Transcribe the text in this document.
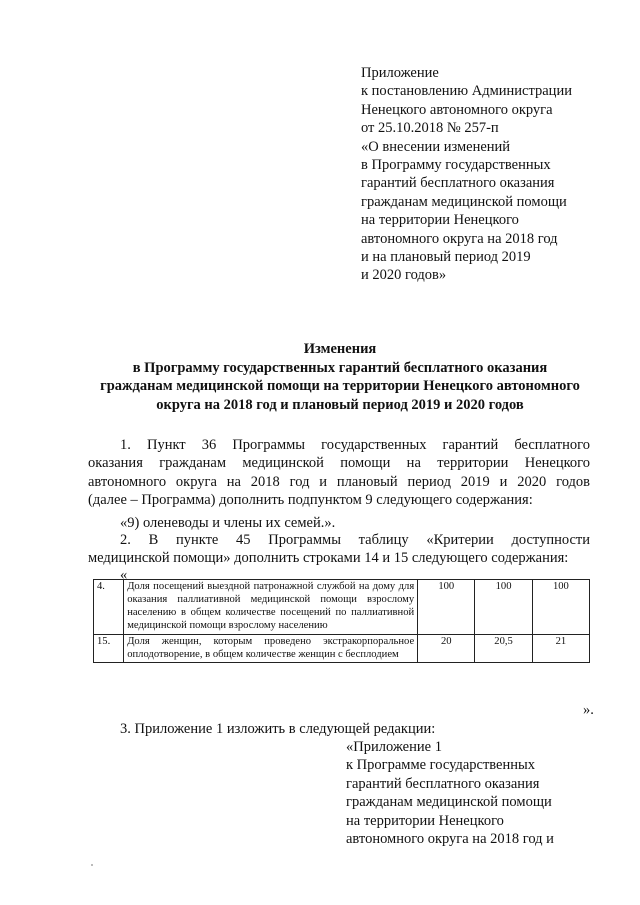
Приложение
к постановлению Администрации
Ненецкого автономного округа
от 25.10.2018 № 257-п
«О внесении изменений
в Программу государственных
гарантий бесплатного оказания
гражданам медицинской помощи
на территории Ненецкого
автономного округа на 2018 год
и на плановый период 2019
и 2020 годов»
Изменения
в Программу государственных гарантий бесплатного оказания
гражданам медицинской помощи на территории Ненецкого автономного
округа на 2018 год и плановый период 2019 и 2020 годов
1. Пункт 36 Программы государственных гарантий бесплатного
оказания гражданам медицинской помощи на территории Ненецкого
автономного округа на 2018 год и плановый период 2019 и 2020 годов
(далее – Программа) дополнить подпунктом 9 следующего содержания:
«9) оленеводы и члены их семей.».
2. В пункте 45 Программы таблицу «Критерии доступности
медицинской помощи» дополнить строками 14 и 15 следующего содержания:
«
4.	Доля посещений выездной патронажной службой на дому для оказания паллиативной медицинской помощи взрослому населению в общем количестве посещений по паллиативной медицинской помощи взрослому населению	100	100	100
15.	Доля женщин, которым проведено экстракорпоральное оплодотворение, в общем количестве женщин с бесплодием	20	20,5	21
».
3. Приложение 1 изложить в следующей редакции:
«Приложение 1
к Программе государственных
гарантий бесплатного оказания
гражданам медицинской помощи
на территории Ненецкого
автономного округа на 2018 год и
